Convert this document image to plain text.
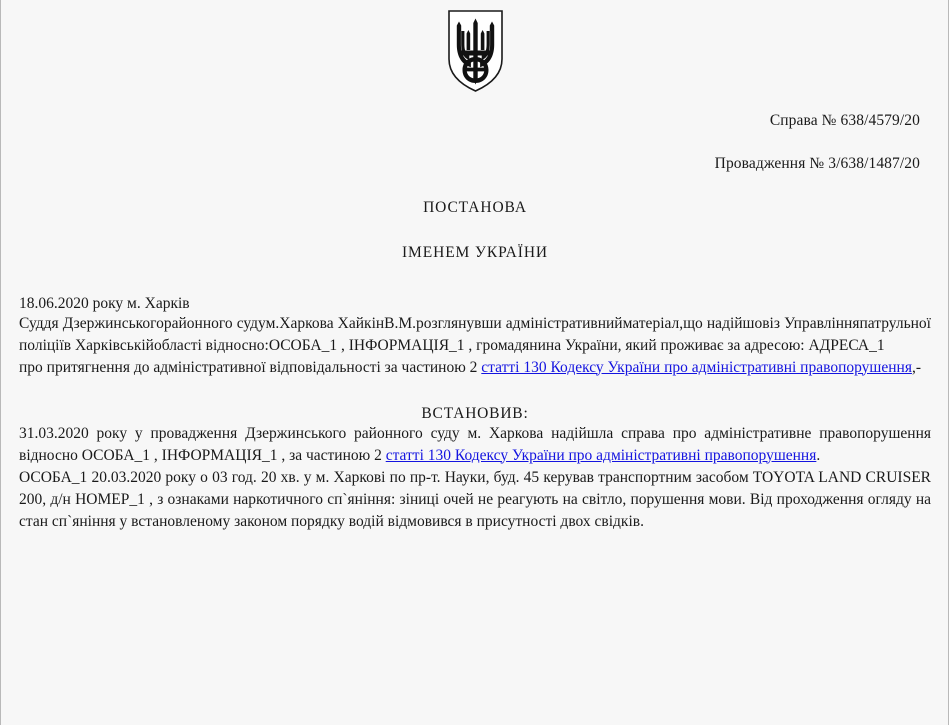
Справа № 638/4579/20
Провадження № 3/638/1487/20
ПОСТАНОВА
ІМЕНЕМ УКРАЇНИ
18.06.2020 року м. Харків

Суддя Дзержинськогорайонного судум.Харкова ХайкінВ.М.розглянувши адміністративнийматеріал,що надійшовіз Управлінняпатрульної поліціїв Харківськійобласті відносно:ОСОБА_1 , ІНФОРМАЦІЯ_1 , громадянина України, який проживає за адресою: АДРЕСА_1

про притягнення до адміністративної відповідальності за частиною 2 статті 130 Кодексу України про адміністративні правопорушення,-

ВСТАНОВИВ:

31.03.2020 року у провадження Дзержинського районного суду м. Харкова надійшла справа про адміністративне правопорушення відносно ОСОБА_1 , ІНФОРМАЦІЯ_1 , за частиною 2 статті 130 Кодексу України про адміністративні правопорушення.

ОСОБА_1 20.03.2020 року о 03 год. 20 хв. у м. Харкові по пр-т. Науки, буд. 45 керував транспортним засобом TOYOTA LAND CRUISER 200, д/н НОМЕР_1 , з ознаками наркотичного сп`яніння: зіниці очей не реагують на світло, порушення мови. Від проходження огляду на стан сп`яніння у встановленому законом порядку водій відмовився в присутності двох свідків.
